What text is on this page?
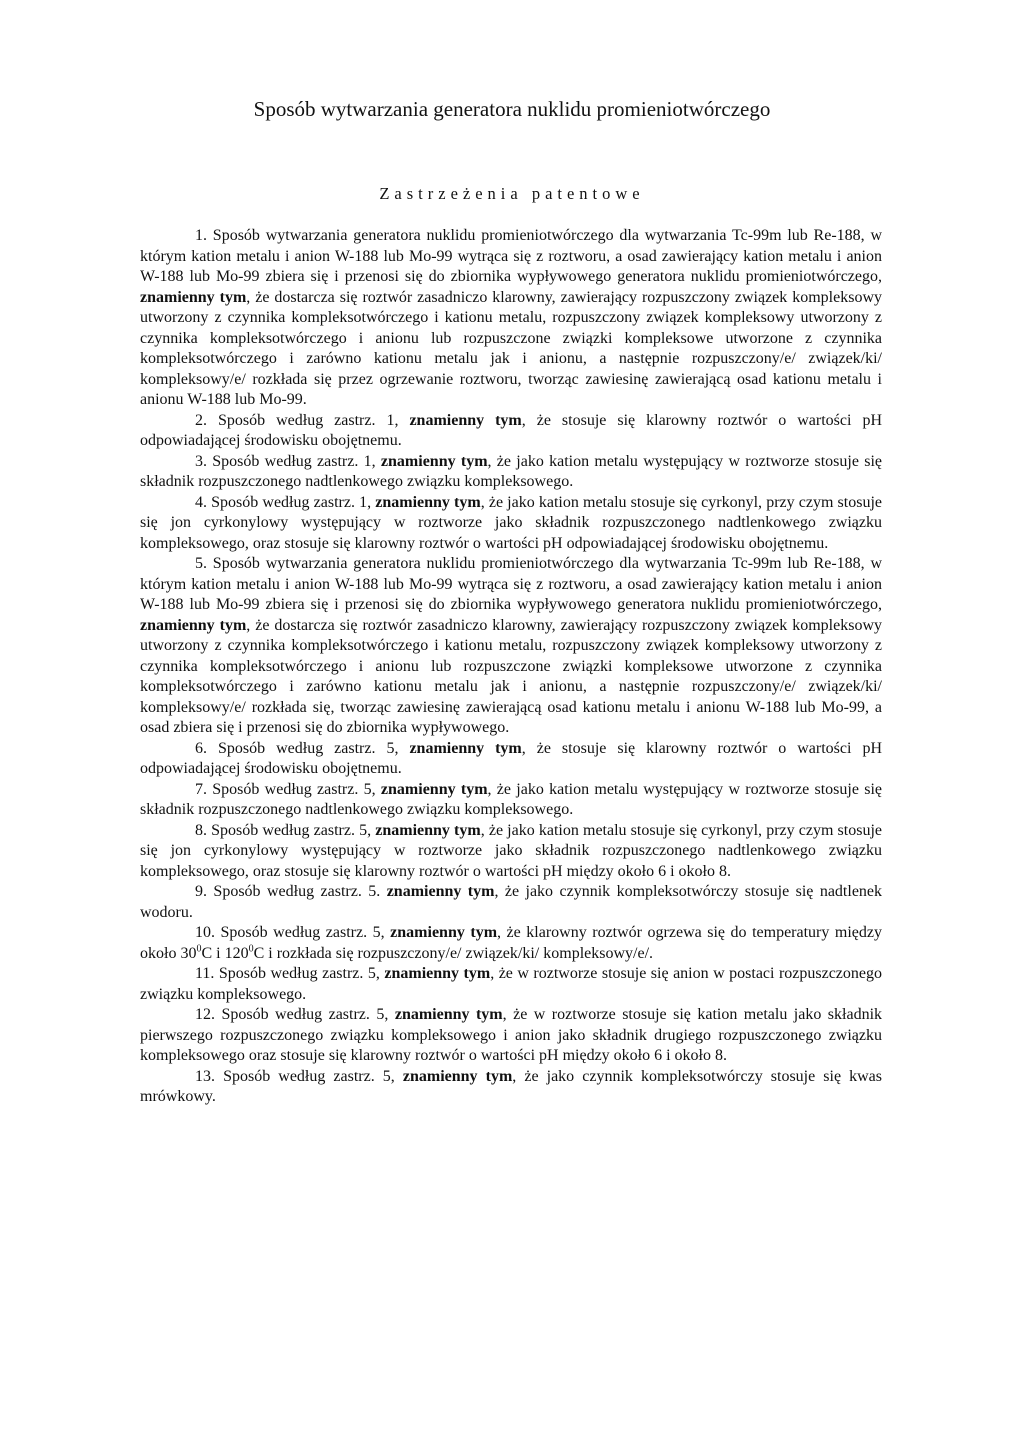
Sposób wytwarzania generatora nuklidu promieniotwórczego
Zastrzeżenia patentowe

1. Sposób wytwarzania generatora nuklidu promieniotwórczego dla wytwarzania Tc-99m lub Re-188, w którym kation metalu i anion W-188 lub Mo-99 wytrąca się z roztworu, a osad zawierający kation metalu i anion W-188 lub Mo-99 zbiera się i przenosi się do zbiornika wypływowego generatora nuklidu promieniotwórczego, znamienny tym, że dostarcza się roztwór zasadniczo klarowny, zawierający rozpuszczony związek kompleksowy utworzony z czynnika kompleksotwórczego i kationu metalu, rozpuszczony związek kompleksowy utworzony z czynnika kompleksotwórczego i anionu lub rozpuszczone związki kompleksowe utworzone z czynnika kompleksotwórczego i zarówno kationu metalu jak i anionu, a następnie rozpuszczony/e/ związek/ki/ kompleksowy/e/ rozkłada się przez ogrzewanie roztworu, tworząc zawiesinę zawierającą osad kationu metalu i anionu W-188 lub Mo-99.

2. Sposób według zastrz. 1, znamienny tym, że stosuje się klarowny roztwór o wartości pH odpowiadającej środowisku obojętnemu.

3. Sposób według zastrz. 1, znamienny tym, że jako kation metalu występujący w roztworze stosuje się składnik rozpuszczonego nadtlenkowego związku kompleksowego.

4. Sposób według zastrz. 1, znamienny tym, że jako kation metalu stosuje się cyrkonyl, przy czym stosuje się jon cyrkonylowy występujący w roztworze jako składnik rozpuszczonego nadtlenkowego związku kompleksowego, oraz stosuje się klarowny roztwór o wartości pH odpowiadającej środowisku obojętnemu.

5. Sposób wytwarzania generatora nuklidu promieniotwórczego dla wytwarzania Tc-99m lub Re-188, w którym kation metalu i anion W-188 lub Mo-99 wytrąca się z roztworu, a osad zawierający kation metalu i anion W-188 lub Mo-99 zbiera się i przenosi się do zbiornika wypływowego generatora nuklidu promieniotwórczego, znamienny tym, że dostarcza się roztwór zasadniczo klarowny, zawierający rozpuszczony związek kompleksowy utworzony z czynnika kompleksotwórczego i kationu metalu, rozpuszczony związek kompleksowy utworzony z czynnika kompleksotwórczego i anionu lub rozpuszczone związki kompleksowe utworzone z czynnika kompleksotwórczego i zarówno kationu metalu jak i anionu, a następnie rozpuszczony/e/ związek/ki/ kompleksowy/e/ rozkłada się, tworząc zawiesinę zawierającą osad kationu metalu i anionu W-188 lub Mo-99, a osad zbiera się i przenosi się do zbiornika wypływowego.

6. Sposób według zastrz. 5, znamienny tym, że stosuje się klarowny roztwór o wartości pH odpowiadającej środowisku obojętnemu.

7. Sposób według zastrz. 5, znamienny tym, że jako kation metalu występujący w roztworze stosuje się składnik rozpuszczonego nadtlenkowego związku kompleksowego.

8. Sposób według zastrz. 5, znamienny tym, że jako kation metalu stosuje się cyrkonyl, przy czym stosuje się jon cyrkonylowy występujący w roztworze jako składnik rozpuszczonego nadtlenkowego związku kompleksowego, oraz stosuje się klarowny roztwór o wartości pH między około 6 i około 8.

9. Sposób według zastrz. 5. znamienny tym, że jako czynnik kompleksotwórczy stosuje się nadtlenek wodoru.

10. Sposób według zastrz. 5, znamienny tym, że klarowny roztwór ogrzewa się do temperatury między około $30^0C$ i $120^0C$ i rozkłada się rozpuszczony/e/ związek/ki/ kompleksowy/e/.

11. Sposób według zastrz. 5, znamienny tym, że w roztworze stosuje się anion w postaci rozpuszczonego związku kompleksowego.

12. Sposób według zastrz. 5, znamienny tym, że w roztworze stosuje się kation metalu jako składnik pierwszego rozpuszczonego związku kompleksowego i anion jako składnik drugiego rozpuszczonego związku kompleksowego oraz stosuje się klarowny roztwór o wartości pH między około 6 i około 8.

13. Sposób według zastrz. 5, znamienny tym, że jako czynnik kompleksotwórczy stosuje się kwas mrówkowy.
